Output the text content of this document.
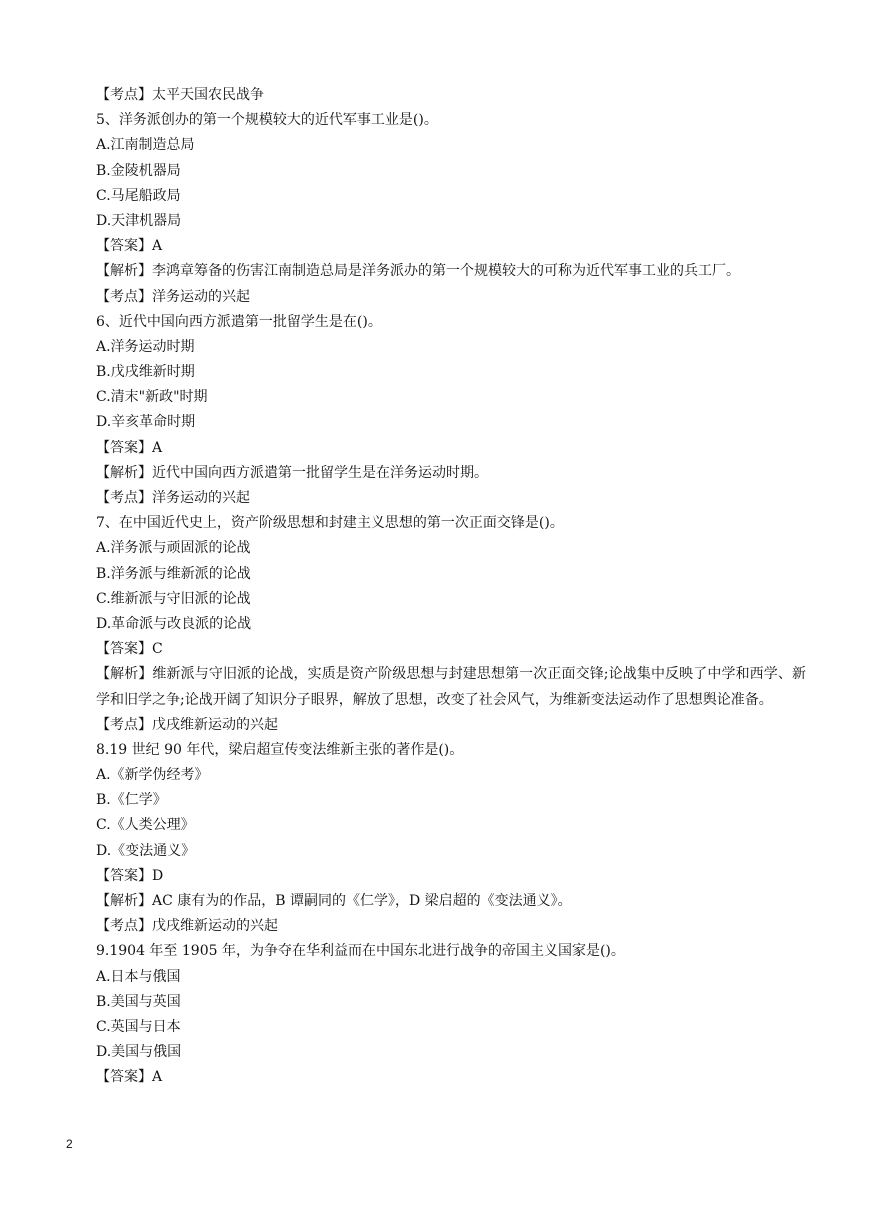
【考点】太平天国农民战争
5、洋务派创办的第一个规模较大的近代军事工业是()。
A.江南制造总局
B.金陵机器局
C.马尾船政局
D.天津机器局
【答案】A
【解析】李鸿章筹备的伤害江南制造总局是洋务派办的第一个规模较大的可称为近代军事工业的兵工厂。
【考点】洋务运动的兴起
6、近代中国向西方派遣第一批留学生是在()。
A.洋务运动时期
B.戊戌维新时期
C.清末"新政"时期
D.辛亥革命时期
【答案】A
【解析】近代中国向西方派遣第一批留学生是在洋务运动时期。
【考点】洋务运动的兴起
7、在中国近代史上，资产阶级思想和封建主义思想的第一次正面交锋是()。
A.洋务派与顽固派的论战
B.洋务派与维新派的论战
C.维新派与守旧派的论战
D.革命派与改良派的论战
【答案】C
【解析】维新派与守旧派的论战，实质是资产阶级思想与封建思想第一次正面交锋;论战集中反映了中学和西学、新学和旧学之争;论战开阔了知识分子眼界，解放了思想，改变了社会风气，为维新变法运动作了思想舆论准备。
【考点】戊戌维新运动的兴起
8.19 世纪 90 年代，梁启超宣传变法维新主张的著作是()。
A.《新学伪经考》
B.《仁学》
C.《人类公理》
D.《变法通义》
【答案】D
【解析】AC 康有为的作品，B 谭嗣同的《仁学》，D 梁启超的《变法通义》。
【考点】戊戌维新运动的兴起
9.1904 年至 1905 年，为争夺在华利益而在中国东北进行战争的帝国主义国家是()。
A.日本与俄国
B.美国与英国
C.英国与日本
D.美国与俄国
【答案】A
2
